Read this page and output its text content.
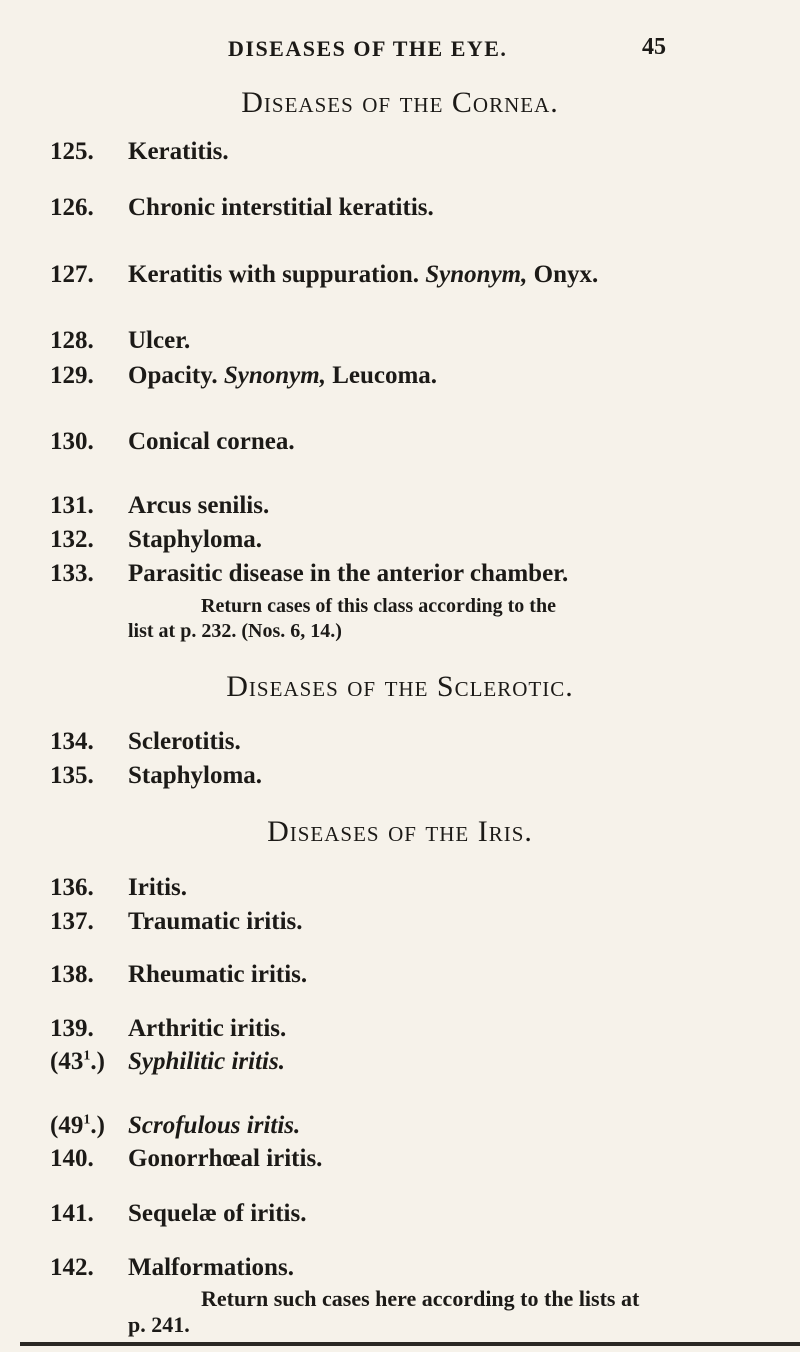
DISEASES OF THE EYE.	45
Diseases of the Cornea.
125. Keratitis.
126. Chronic interstitial keratitis.
127. Keratitis with suppuration. Synonym, Onyx.
128. Ulcer.
129. Opacity. Synonym, Leucoma.
130. Conical cornea.
131. Arcus senilis.
132. Staphyloma.
133. Parasitic disease in the anterior chamber.
Return cases of this class according to the
list at p. 232. (Nos. 6, 14.)
Diseases of the Sclerotic.
134. Sclerotitis.
135. Staphyloma.
Diseases of the Iris.
136. Iritis.
137. Traumatic iritis.
138. Rheumatic iritis.
139. Arthritic iritis.
$(43^1.)$ Syphilitic iritis.
$(49^1.)$ Scrofulous iritis.
140. Gonorrhœal iritis.
141. Sequelæ of iritis.
142. Malformations.
Return such cases here according to the lists at
p. 241.
